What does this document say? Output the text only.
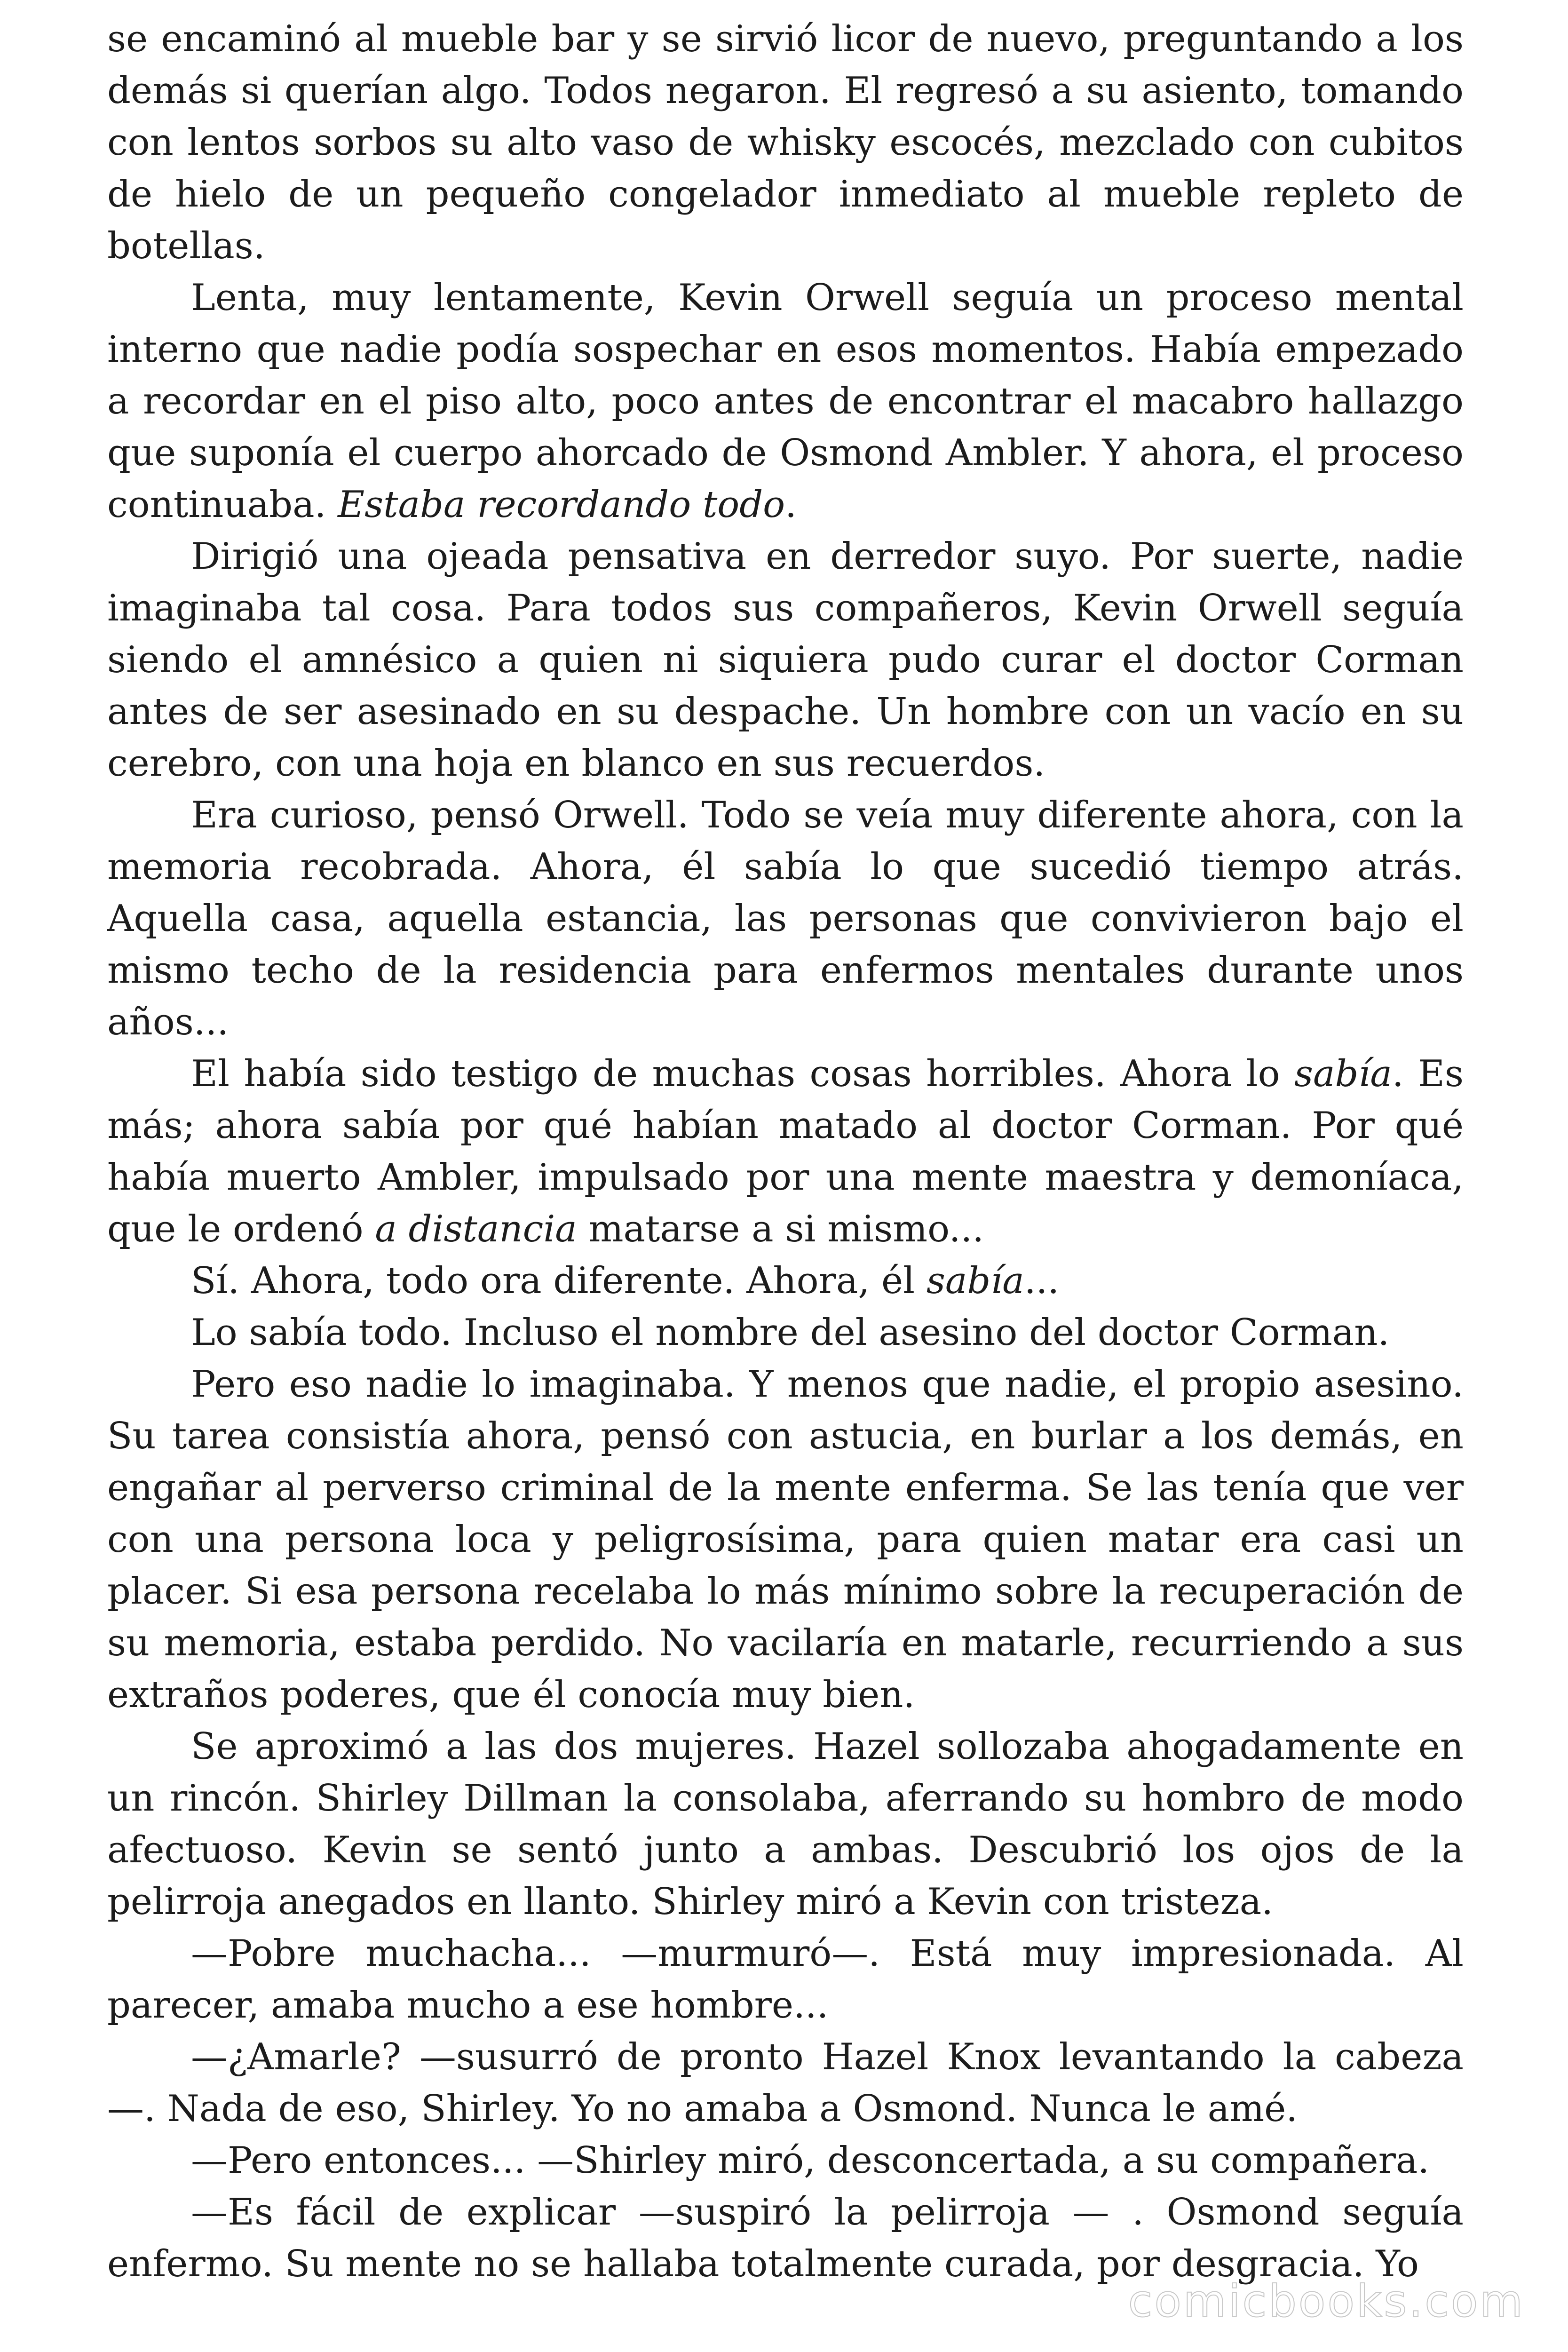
se encaminó al mueble bar y se sirvió licor de nuevo, preguntando a los demás si querían algo. Todos negaron. El regresó a su asiento, tomando con lentos sorbos su alto vaso de whisky escocés, mezclado con cubitos de hielo de un pequeño congelador inmediato al mueble repleto de botellas.

Lenta, muy lentamente, Kevin Orwell seguía un proceso mental interno que nadie podía sospechar en esos momentos. Había empezado a recordar en el piso alto, poco antes de encontrar el macabro hallazgo que suponía el cuerpo ahorcado de Osmond Ambler. Y ahora, el proceso continuaba. Estaba recordando todo.

Dirigió una ojeada pensativa en derredor suyo. Por suerte, nadie imaginaba tal cosa. Para todos sus compañeros, Kevin Orwell seguía siendo el amnésico a quien ni siquiera pudo curar el doctor Corman antes de ser asesinado en su despache. Un hombre con un vacío en su cerebro, con una hoja en blanco en sus recuerdos.

Era curioso, pensó Orwell. Todo se veía muy diferente ahora, con la memoria recobrada. Ahora, él sabía lo que sucedió tiempo atrás. Aquella casa, aquella estancia, las personas que convivieron bajo el mismo techo de la residencia para enfermos mentales durante unos años...

El había sido testigo de muchas cosas horribles. Ahora lo sabía. Es más; ahora sabía por qué habían matado al doctor Corman. Por qué había muerto Ambler, impulsado por una mente maestra y demoníaca, que le ordenó a distancia matarse a si mismo...

Sí. Ahora, todo ora diferente. Ahora, él sabía...

Lo sabía todo. Incluso el nombre del asesino del doctor Corman.

Pero eso nadie lo imaginaba. Y menos que nadie, el propio asesino. Su tarea consistía ahora, pensó con astucia, en burlar a los demás, en engañar al perverso criminal de la mente enferma. Se las tenía que ver con una persona loca y peligrosísima, para quien matar era casi un placer. Si esa persona recelaba lo más mínimo sobre la recuperación de su memoria, estaba perdido. No vacilaría en matarle, recurriendo a sus extraños poderes, que él conocía muy bien.

Se aproximó a las dos mujeres. Hazel sollozaba ahogadamente en un rincón. Shirley Dillman la consolaba, aferrando su hombro de modo afectuoso. Kevin se sentó junto a ambas. Descubrió los ojos de la pelirroja anegados en llanto. Shirley miró a Kevin con tristeza.

—Pobre muchacha... —murmuró—. Está muy impresionada. Al parecer, amaba mucho a ese hombre...

—¿Amarle? —susurró de pronto Hazel Knox levantando la cabeza —. Nada de eso, Shirley. Yo no amaba a Osmond. Nunca le amé.

—Pero entonces... —Shirley miró, desconcertada, a su compañera.

—Es fácil de explicar —suspiró la pelirroja — . Osmond seguía enfermo. Su mente no se hallaba totalmente curada, por desgracia. Yo

comicbooks.com
